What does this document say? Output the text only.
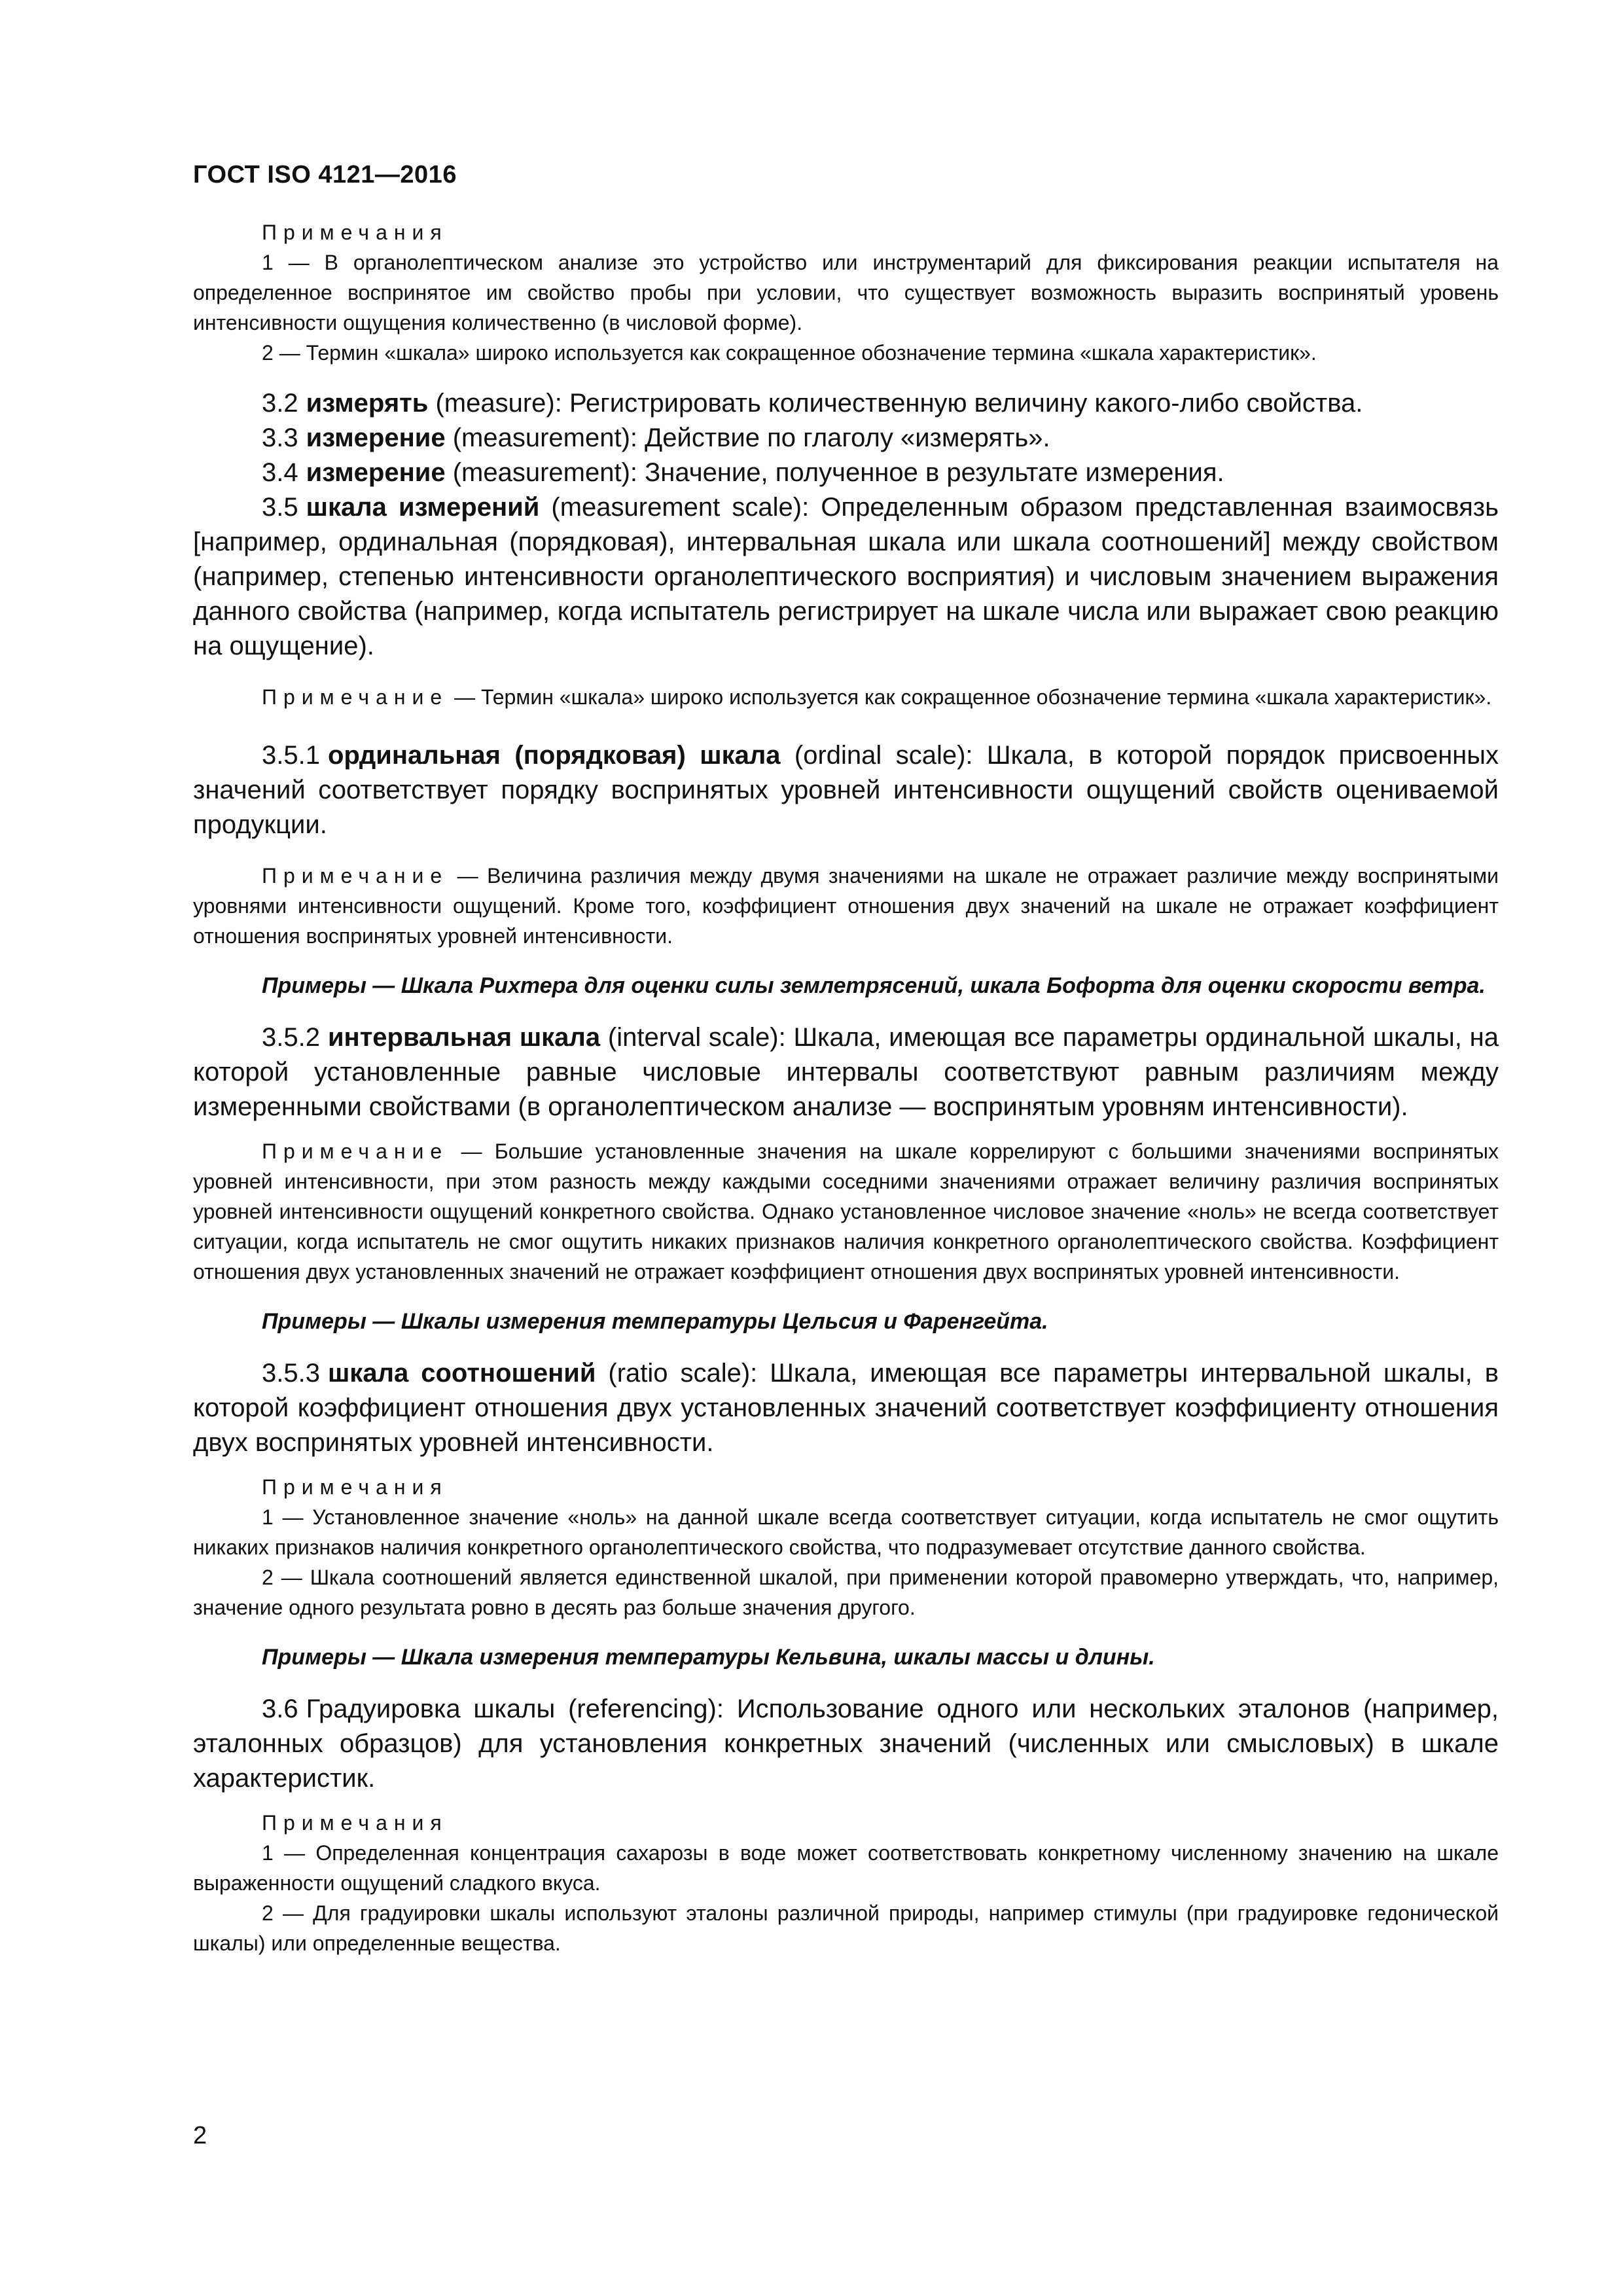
ГОСТ ISO 4121—2016
Примечания

1 — В органолептическом анализе это устройство или инструментарий для фиксирования реакции испытателя на определенное воспринятое им свойство пробы при условии, что существует возможность выразить воспринятый уровень интенсивности ощущения количественно (в числовой форме).

2 — Термин «шкала» широко используется как сокращенное обозначение термина «шкала характеристик».

3.2 измерять (measure): Регистрировать количественную величину какого-либо свойства.

3.3 измерение (measurement): Действие по глаголу «измерять».

3.4 измерение (measurement): Значение, полученное в результате измерения.

3.5 шкала измерений (measurement scale): Определенным образом представленная взаимосвязь [например, ординальная (порядковая), интервальная шкала или шкала соотношений] между свойством (например, степенью интенсивности органолептического восприятия) и числовым значением выражения данного свойства (например, когда испытатель регистрирует на шкале числа или выражает свою реакцию на ощущение).

Примечание — Термин «шкала» широко используется как сокращенное обозначение термина «шкала характеристик».

3.5.1 ординальная (порядковая) шкала (ordinal scale): Шкала, в которой порядок присвоенных значений соответствует порядку воспринятых уровней интенсивности ощущений свойств оцениваемой продукции.

Примечание — Величина различия между двумя значениями на шкале не отражает различие между воспринятыми уровнями интенсивности ощущений. Кроме того, коэффициент отношения двух значений на шкале не отражает коэффициент отношения воспринятых уровней интенсивности.

Примеры — Шкала Рихтера для оценки силы землетрясений, шкала Бофорта для оценки скорости ветра.

3.5.2 интервальная шкала (interval scale): Шкала, имеющая все параметры ординальной шкалы, на которой установленные равные числовые интервалы соответствуют равным различиям между измеренными свойствами (в органолептическом анализе — воспринятым уровням интенсивности).

Примечание — Большие установленные значения на шкале коррелируют с большими значениями воспринятых уровней интенсивности, при этом разность между каждыми соседними значениями отражает величину различия воспринятых уровней интенсивности ощущений конкретного свойства. Однако установленное числовое значение «ноль» не всегда соответствует ситуации, когда испытатель не смог ощутить никаких признаков наличия конкретного органолептического свойства. Коэффициент отношения двух установленных значений не отражает коэффициент отношения двух воспринятых уровней интенсивности.

Примеры — Шкалы измерения температуры Цельсия и Фаренгейта.

3.5.3 шкала соотношений (ratio scale): Шкала, имеющая все параметры интервальной шкалы, в которой коэффициент отношения двух установленных значений соответствует коэффициенту отношения двух воспринятых уровней интенсивности.

Примечания

1 — Установленное значение «ноль» на данной шкале всегда соответствует ситуации, когда испытатель не смог ощутить никаких признаков наличия конкретного органолептического свойства, что подразумевает отсутствие данного свойства.

2 — Шкала соотношений является единственной шкалой, при применении которой правомерно утверждать, что, например, значение одного результата ровно в десять раз больше значения другого.

Примеры — Шкала измерения температуры Кельвина, шкалы массы и длины.

3.6 Градуировка шкалы (referencing): Использование одного или нескольких эталонов (например, эталонных образцов) для установления конкретных значений (численных или смысловых) в шкале характеристик.

Примечания

1 — Определенная концентрация сахарозы в воде может соответствовать конкретному численному значению на шкале выраженности ощущений сладкого вкуса.

2 — Для градуировки шкалы используют эталоны различной природы, например стимулы (при градуировке гедонической шкалы) или определенные вещества.

2
